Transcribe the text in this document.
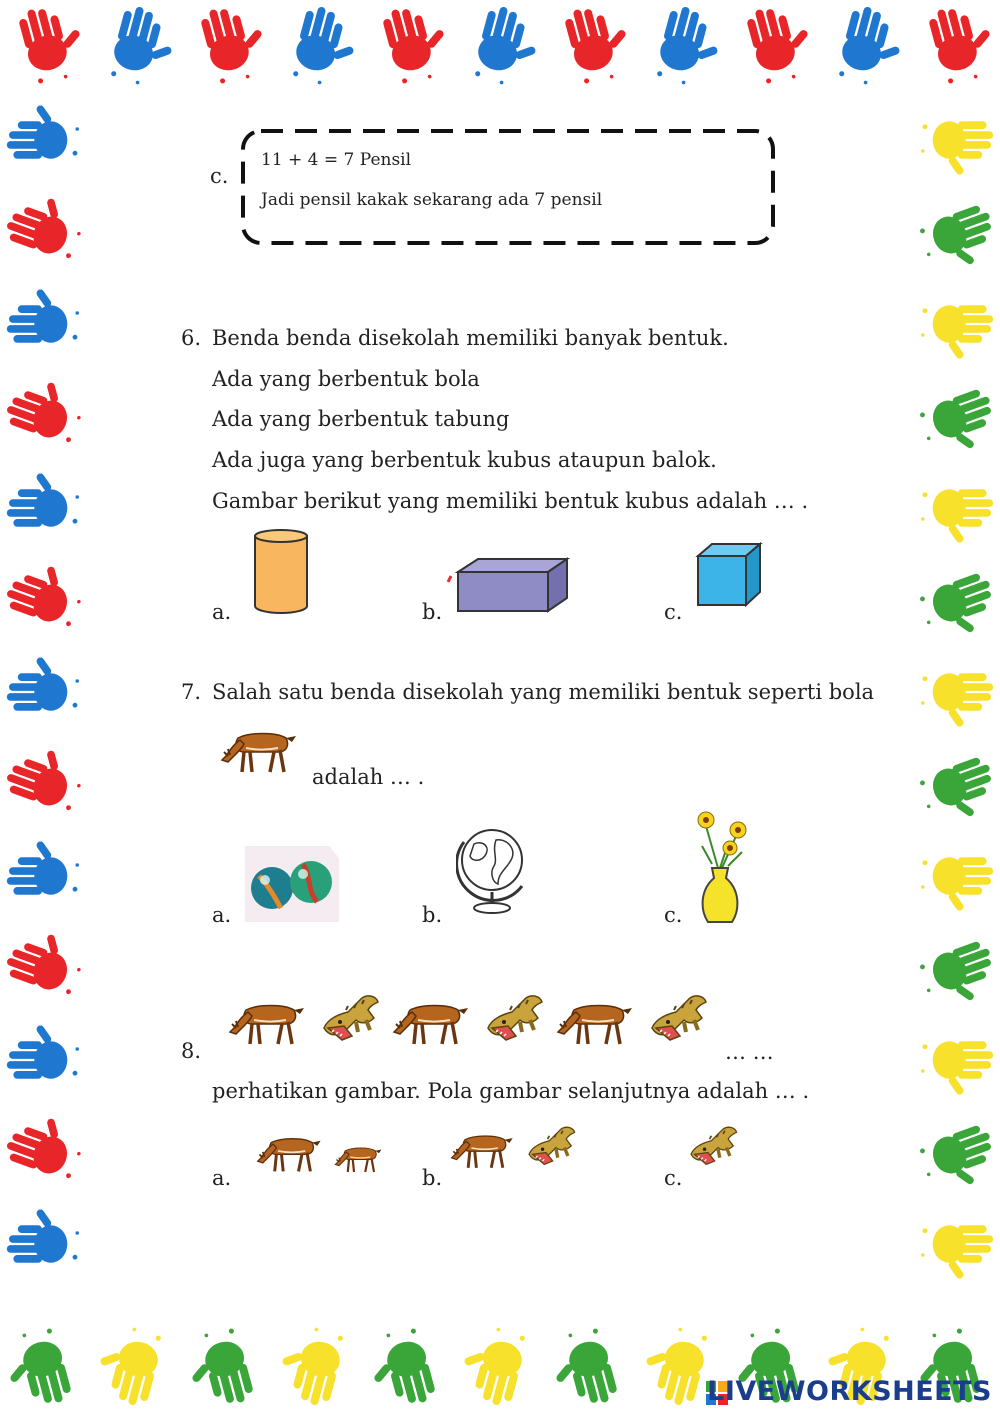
c.
11 + 4 = 7 Pensil
Jadi pensil kakak sekarang ada 7 pensil
6. Benda benda disekolah memiliki banyak bentuk.
Ada yang berbentuk bola
Ada yang berbentuk tabung
Ada juga yang berbentuk kubus ataupun balok.
Gambar berikut yang memiliki bentuk kubus adalah … .
a.	b.	c.
7. Salah satu benda disekolah yang memiliki bentuk seperti bola
adalah … .
a.	b.	c.
8.	… …
perhatikan gambar. Pola gambar selanjutnya adalah … .
a.	b.	c.
LIVEWORKSHEETS
